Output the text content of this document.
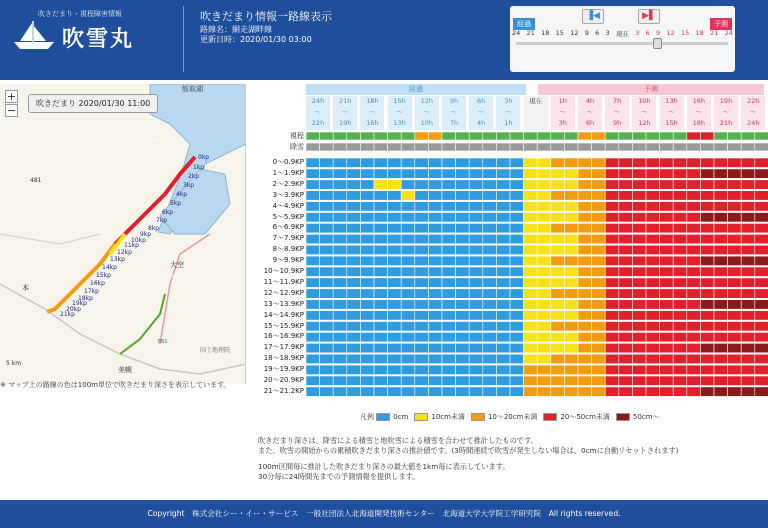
吹きだまり・視程障害情報
吹雪丸
吹きだまり情報一路線表示
路線名：網走湖畔線
更新日時：2020/01/30 03:00
経過
▐◀	▶▌
予測
24 21 18 15 12 9 6 3 現在 3 6 9 12 15 18 21 24
能取湖
481
大空
本
美幌
国土地理院
網走
E61
39
0kp
1kp
2kp
3kp
4kp
5kp
6kp
7kp
8kp
9kp
10kp
11kp
12kp
13kp
14kp
15kp
16kp
17kp
18kp
19kp
20kp
21kp
+
−
吹きだまり 2020/01/30 11:00
5 km
※ マップ上の路線の色は100m単位で吹きだまり深さを表示しています。
経過	予測
24h
〜
22h
21h
〜
19h
18h
〜
16h
15h
〜
13h
12h
〜
10h
9h
〜
7h
6h
〜
4h
3h
〜
1h
現在	1h
〜
3h
4h
〜
6h
7h
〜
9h
10h
〜
12h
13h
〜
15h
16h
〜
18h
19h
〜
21h
22h
〜
24h
視程
除雪
0〜0.9KP
1〜1.9KP
2〜2.9KP
3〜3.9KP
4〜4.9KP
5〜5.9KP
6〜6.9KP
7〜7.9KP
8〜8.9KP
9〜9.9KP
10〜10.9KP
11〜11.9KP
12〜12.9KP
13〜13.9KP
14〜14.9KP
15〜15.9KP
16〜16.9KP
17〜17.9KP
18〜18.9KP
19〜19.9KP
20〜20.9KP
21〜21.2KP
凡例	0cm	10cm未満	10〜20cm未満	20〜50cm未満	50cm〜
吹きだまり深さは、降雪による積雪と地吹雪による積雪を合わせて推計したものです。
また、吹雪の開始からの累積吹きだまり深さの推計値です。(3時間連続で吹雪が発生しない場合は、0cmに自動リセットされます)
100m区間毎に推計した吹きだまり深さの最大値を1km毎に表示しています。
30分毎に24時間先までの予測情報を提供します。
Copyright　株式会社シー・イー・サービス　一般社団法人北海道開発技術センター　北海道大学大学院工学研究院　All rights reserved.
